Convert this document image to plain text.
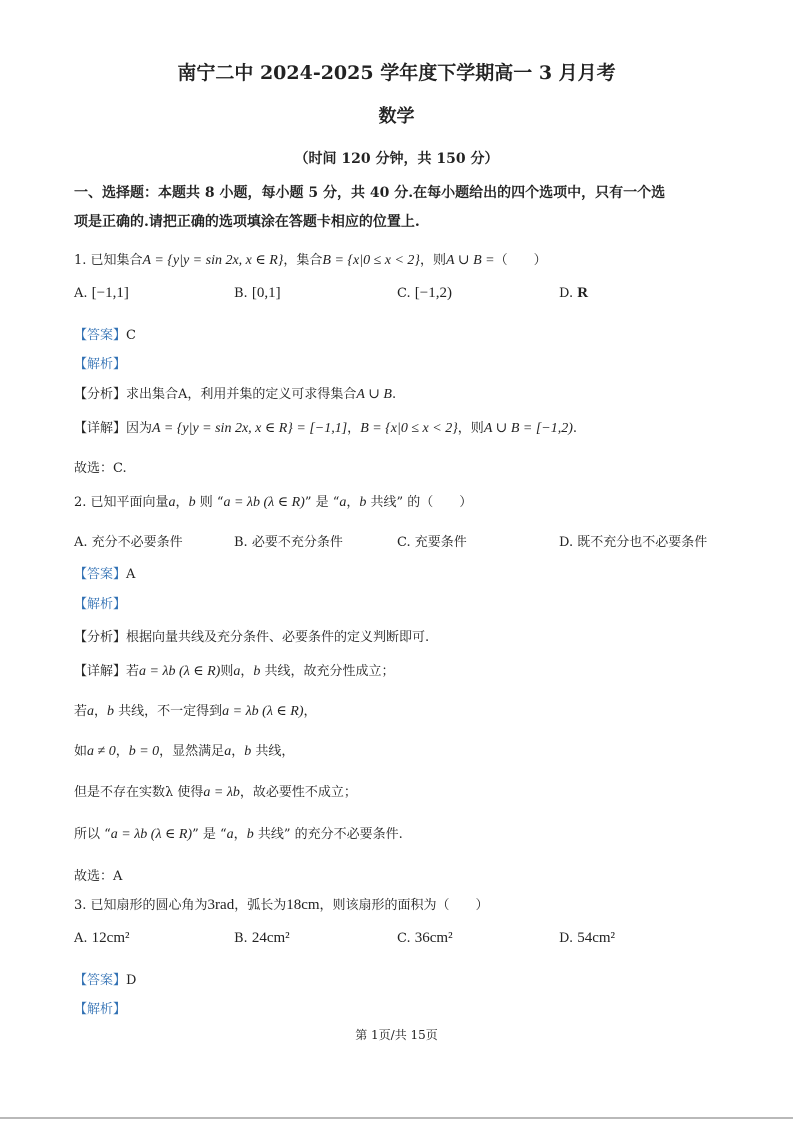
南宁二中 2024-2025 学年度下学期高一 3 月月考
数学
（时间 120 分钟，共 150 分）
一、选择题：本题共 8 小题，每小题 5 分，共 40 分.在每小题给出的四个选项中，只有一个选
项是正确的.请把正确的选项填涂在答题卡相应的位置上.
1. 已知集合A = {y|y = sin 2x, x ∈ R}，集合B = {x|0 ≤ x < 2}，则A ∪ B =（　　）
A. [−1,1]	B. [0,1]	C. [−1,2)	D. R
【答案】C
【解析】
【分析】求出集合A，利用并集的定义可求得集合A ∪ B.
【详解】因为A = {y|y = sin 2x, x ∈ R} = [−1,1]，B = {x|0 ≤ x < 2}，则A ∪ B = [−1,2).
故选：C.
2. 已知平面向量a，b 则 “a = λb (λ ∈ R)” 是 “a，b 共线” 的（　　）
A. 充分不必要条件	B. 必要不充分条件	C. 充要条件	D. 既不充分也不必要条件
【答案】A
【解析】
【分析】根据向量共线及充分条件、必要条件的定义判断即可.
【详解】若a = λb (λ ∈ R)则a，b 共线，故充分性成立；
若a，b 共线，不一定得到a = λb (λ ∈ R)，
如a ≠ 0，b = 0，显然满足a，b 共线，
但是不存在实数λ 使得a = λb，故必要性不成立；
所以 “a = λb (λ ∈ R)” 是 “a，b 共线” 的充分不必要条件.
故选：A
3. 已知扇形的圆心角为3rad，弧长为18cm，则该扇形的面积为（　　）
A. 12cm²	B. 24cm²	C. 36cm²	D. 54cm²
【答案】D
【解析】
第 1页/共 15页
